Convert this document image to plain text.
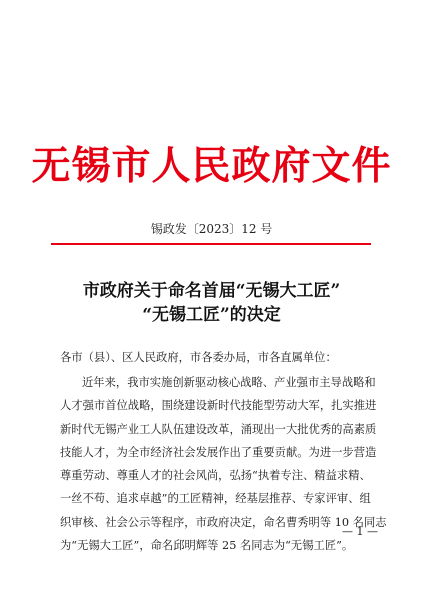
无锡市人民政府文件
锡政发〔2023〕12 号
市政府关于命名首届“无锡大工匠”
“无锡工匠”的决定
各市（县）、区人民政府，市各委办局，市各直属单位：
近年来，我市实施创新驱动核心战略、产业强市主导战略和
人才强市首位战略，围绕建设新时代技能型劳动大军，扎实推进
新时代无锡产业工人队伍建设改革，涌现出一大批优秀的高素质
技能人才，为全市经济社会发展作出了重要贡献。为进一步营造
尊重劳动、尊重人才的社会风尚，弘扬“执着专注、精益求精、
一丝不苟、追求卓越”的工匠精神，经基层推荐、专家评审、组
织审核、社会公示等程序，市政府决定，命名曹秀明等 10 名同志
为“无锡大工匠”，命名邱明辉等 25 名同志为“无锡工匠”。
— 1 —
